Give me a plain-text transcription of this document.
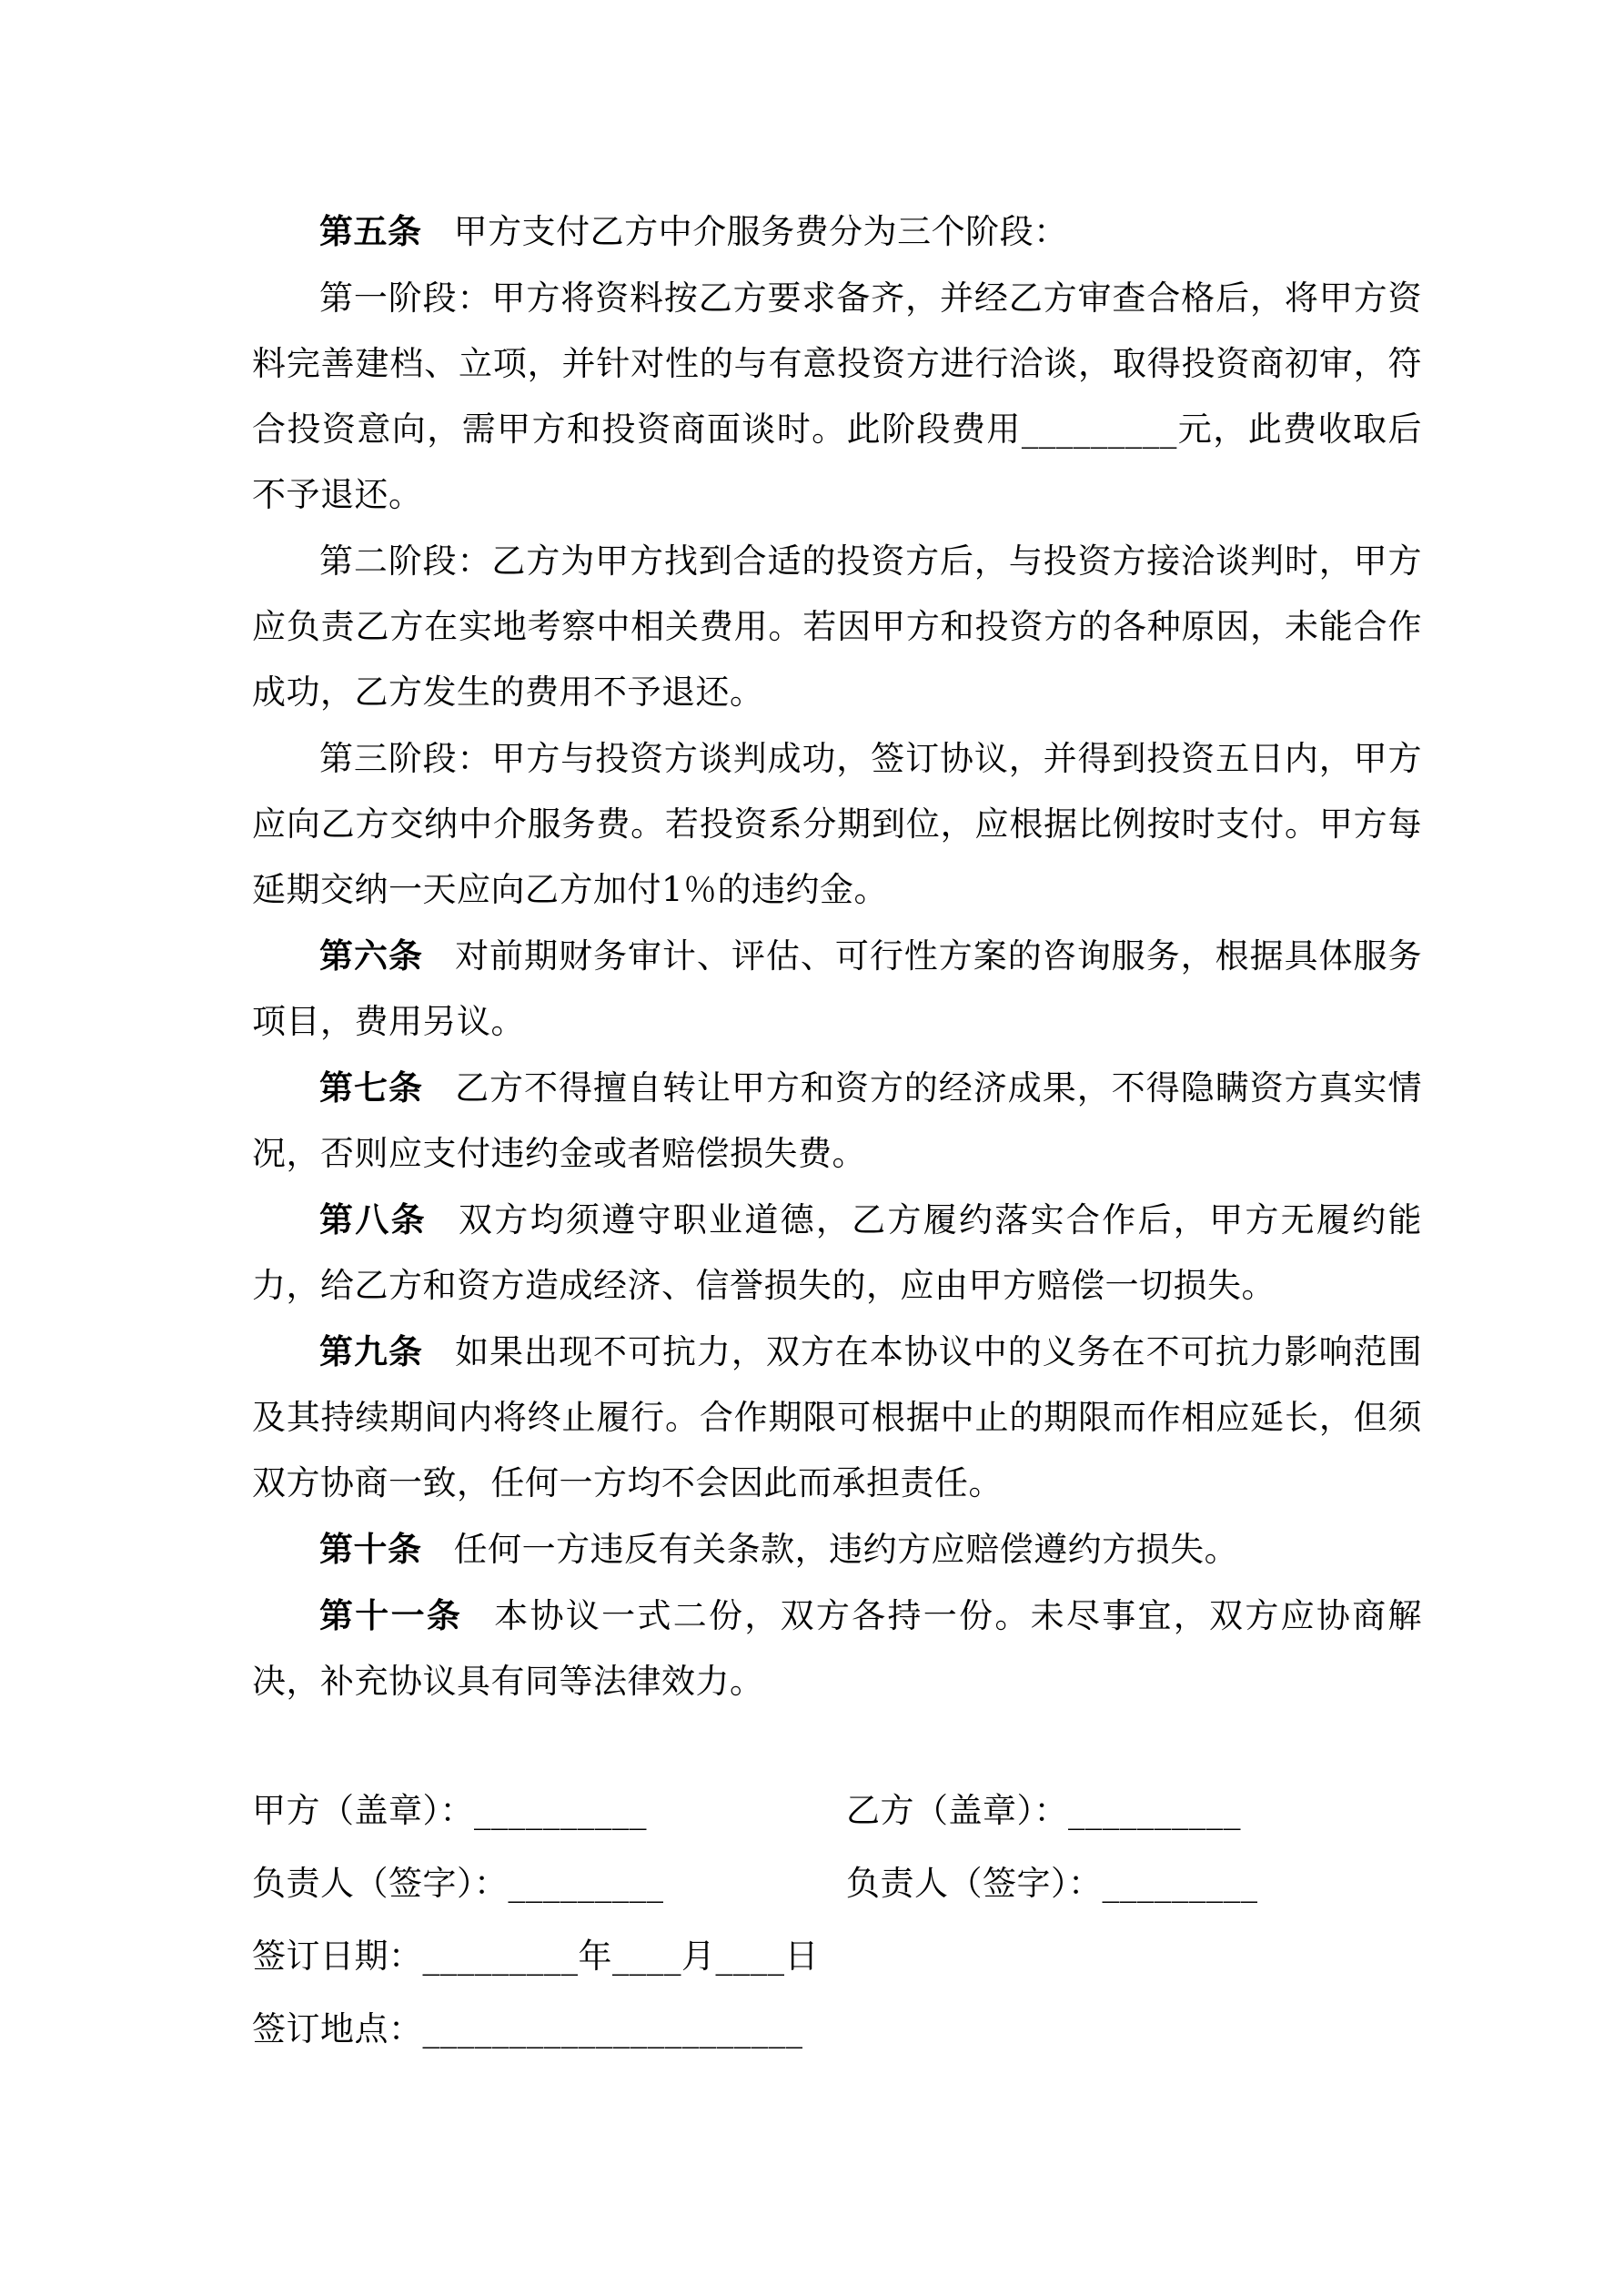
第五条 甲方支付乙方中介服务费分为三个阶段：

第一阶段：甲方将资料按乙方要求备齐，并经乙方审查合格后，将甲方资料完善建档、立项，并针对性的与有意投资方进行洽谈，取得投资商初审，符合投资意向，需甲方和投资商面谈时。此阶段费用_________元，此费收取后不予退还。

第二阶段：乙方为甲方找到合适的投资方后，与投资方接洽谈判时，甲方应负责乙方在实地考察中相关费用。若因甲方和投资方的各种原因，未能合作成功，乙方发生的费用不予退还。

第三阶段：甲方与投资方谈判成功，签订协议，并得到投资五日内，甲方应向乙方交纳中介服务费。若投资系分期到位，应根据比例按时支付。甲方每延期交纳一天应向乙方加付1％的违约金。

第六条 对前期财务审计、评估、可行性方案的咨询服务，根据具体服务项目，费用另议。

第七条 乙方不得擅自转让甲方和资方的经济成果，不得隐瞒资方真实情况，否则应支付违约金或者赔偿损失费。

第八条 双方均须遵守职业道德，乙方履约落实合作后，甲方无履约能力，给乙方和资方造成经济、信誉损失的，应由甲方赔偿一切损失。

第九条 如果出现不可抗力，双方在本协议中的义务在不可抗力影响范围及其持续期间内将终止履行。合作期限可根据中止的期限而作相应延长，但须双方协商一致，任何一方均不会因此而承担责任。

第十条 任何一方违反有关条款，违约方应赔偿遵约方损失。

第十一条 本协议一式二份，双方各持一份。未尽事宜，双方应协商解决，补充协议具有同等法律效力。

甲方（盖章）：__________	乙方（盖章）：__________
负责人（签字）：_________	负责人（签字）：_________
签订日期：_________年____月____日
签订地点：______________________
